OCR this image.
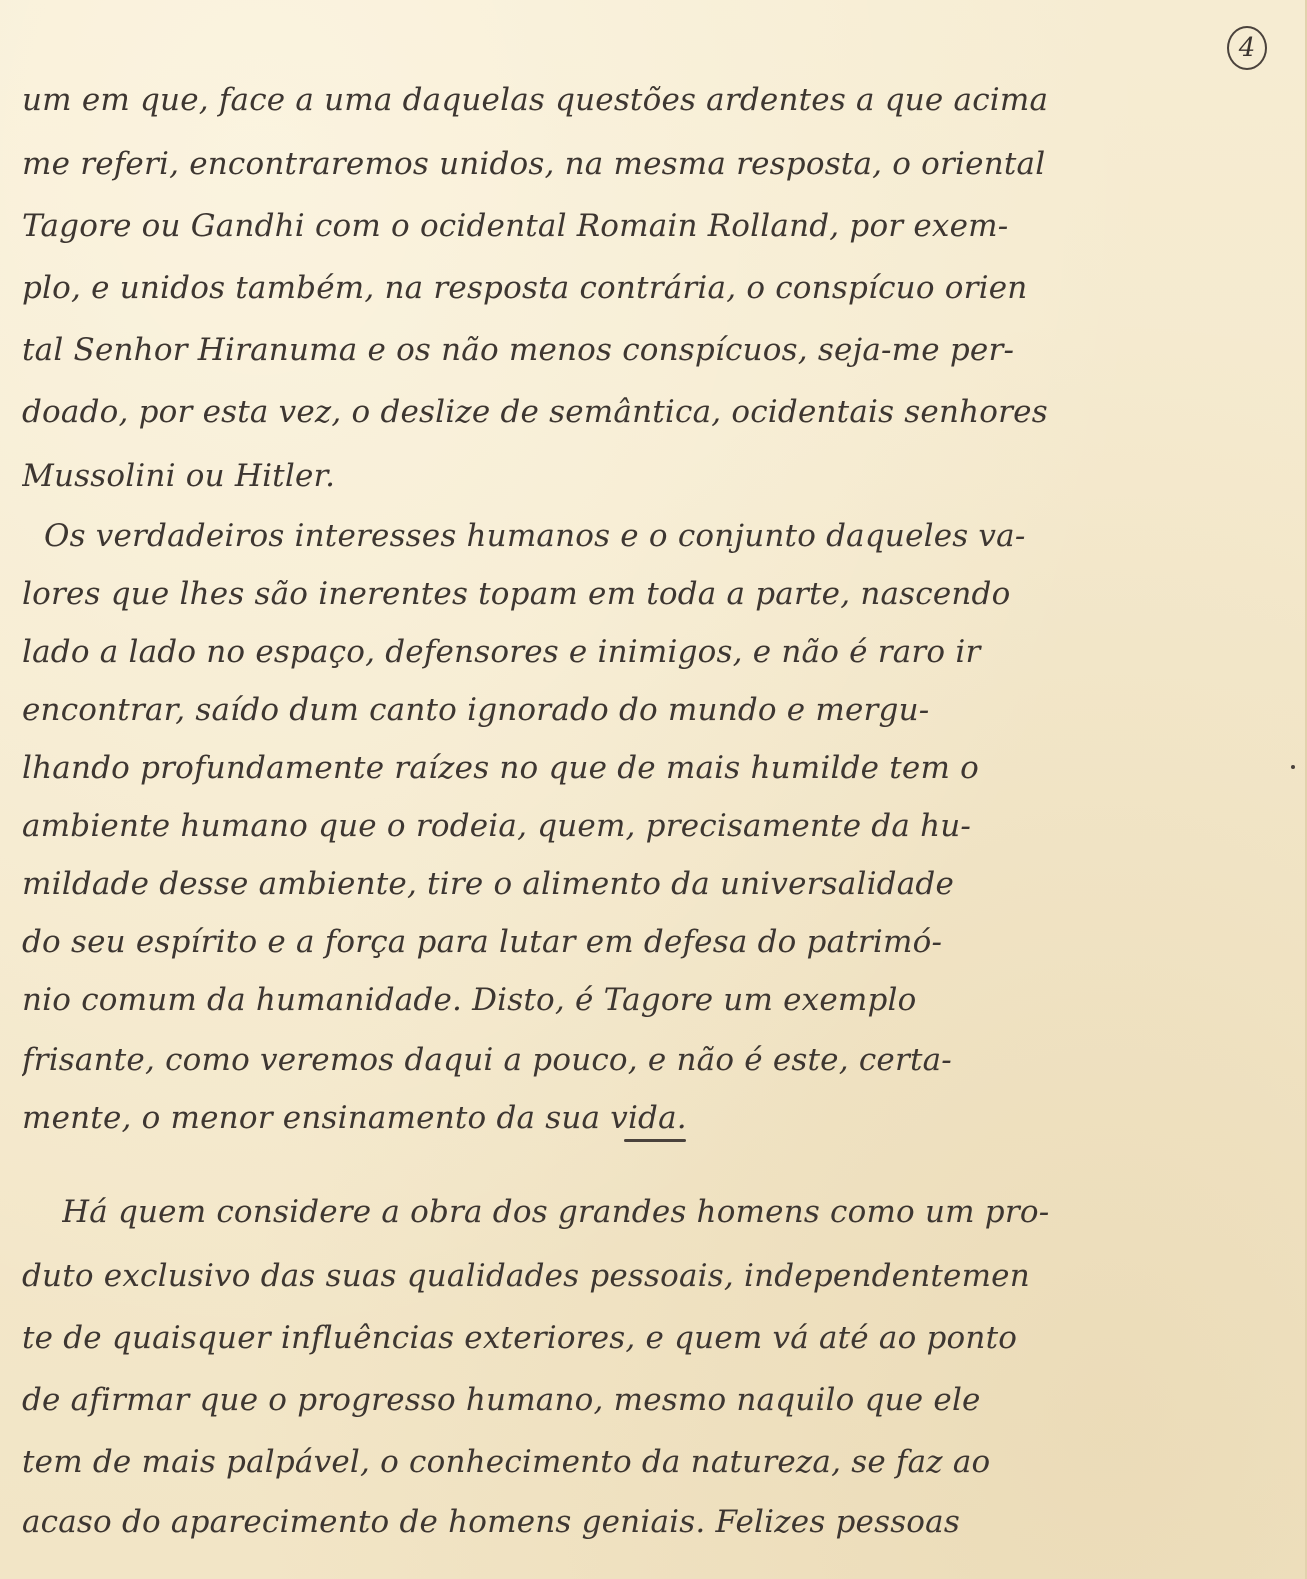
4
um em que, face a uma daquelas questões ardentes a que acima
me referi, encontraremos unidos, na mesma resposta, o oriental
Tagore ou Gandhi com o ocidental Romain Rolland, por exem-
plo, e unidos também, na resposta contrária, o conspícuo orien
tal Senhor Hiranuma e os não menos conspícuos, seja-me per-
doado, por esta vez, o deslize de semântica, ocidentais senhores
Mussolini ou Hitler.
Os verdadeiros interesses humanos e o conjunto daqueles va-
lores que lhes são inerentes topam em toda a parte, nascendo
lado a lado no espaço, defensores e inimigos, e não é raro ir
encontrar, saído dum canto ignorado do mundo e mergu-
lhando profundamente raízes no que de mais humilde tem o
ambiente humano que o rodeia, quem, precisamente da hu-
mildade desse ambiente, tire o alimento da universalidade
do seu espírito e a força para lutar em defesa do patrimó-
nio comum da humanidade. Disto, é Tagore um exemplo
frisante, como veremos daqui a pouco, e não é este, certa-
mente, o menor ensinamento da sua vida.
Há quem considere a obra dos grandes homens como um pro-
duto exclusivo das suas qualidades pessoais, independentemen
te de quaisquer influências exteriores, e quem vá até ao ponto
de afirmar que o progresso humano, mesmo naquilo que ele
tem de mais palpável, o conhecimento da natureza, se faz ao
acaso do aparecimento de homens geniais. Felizes pessoas
